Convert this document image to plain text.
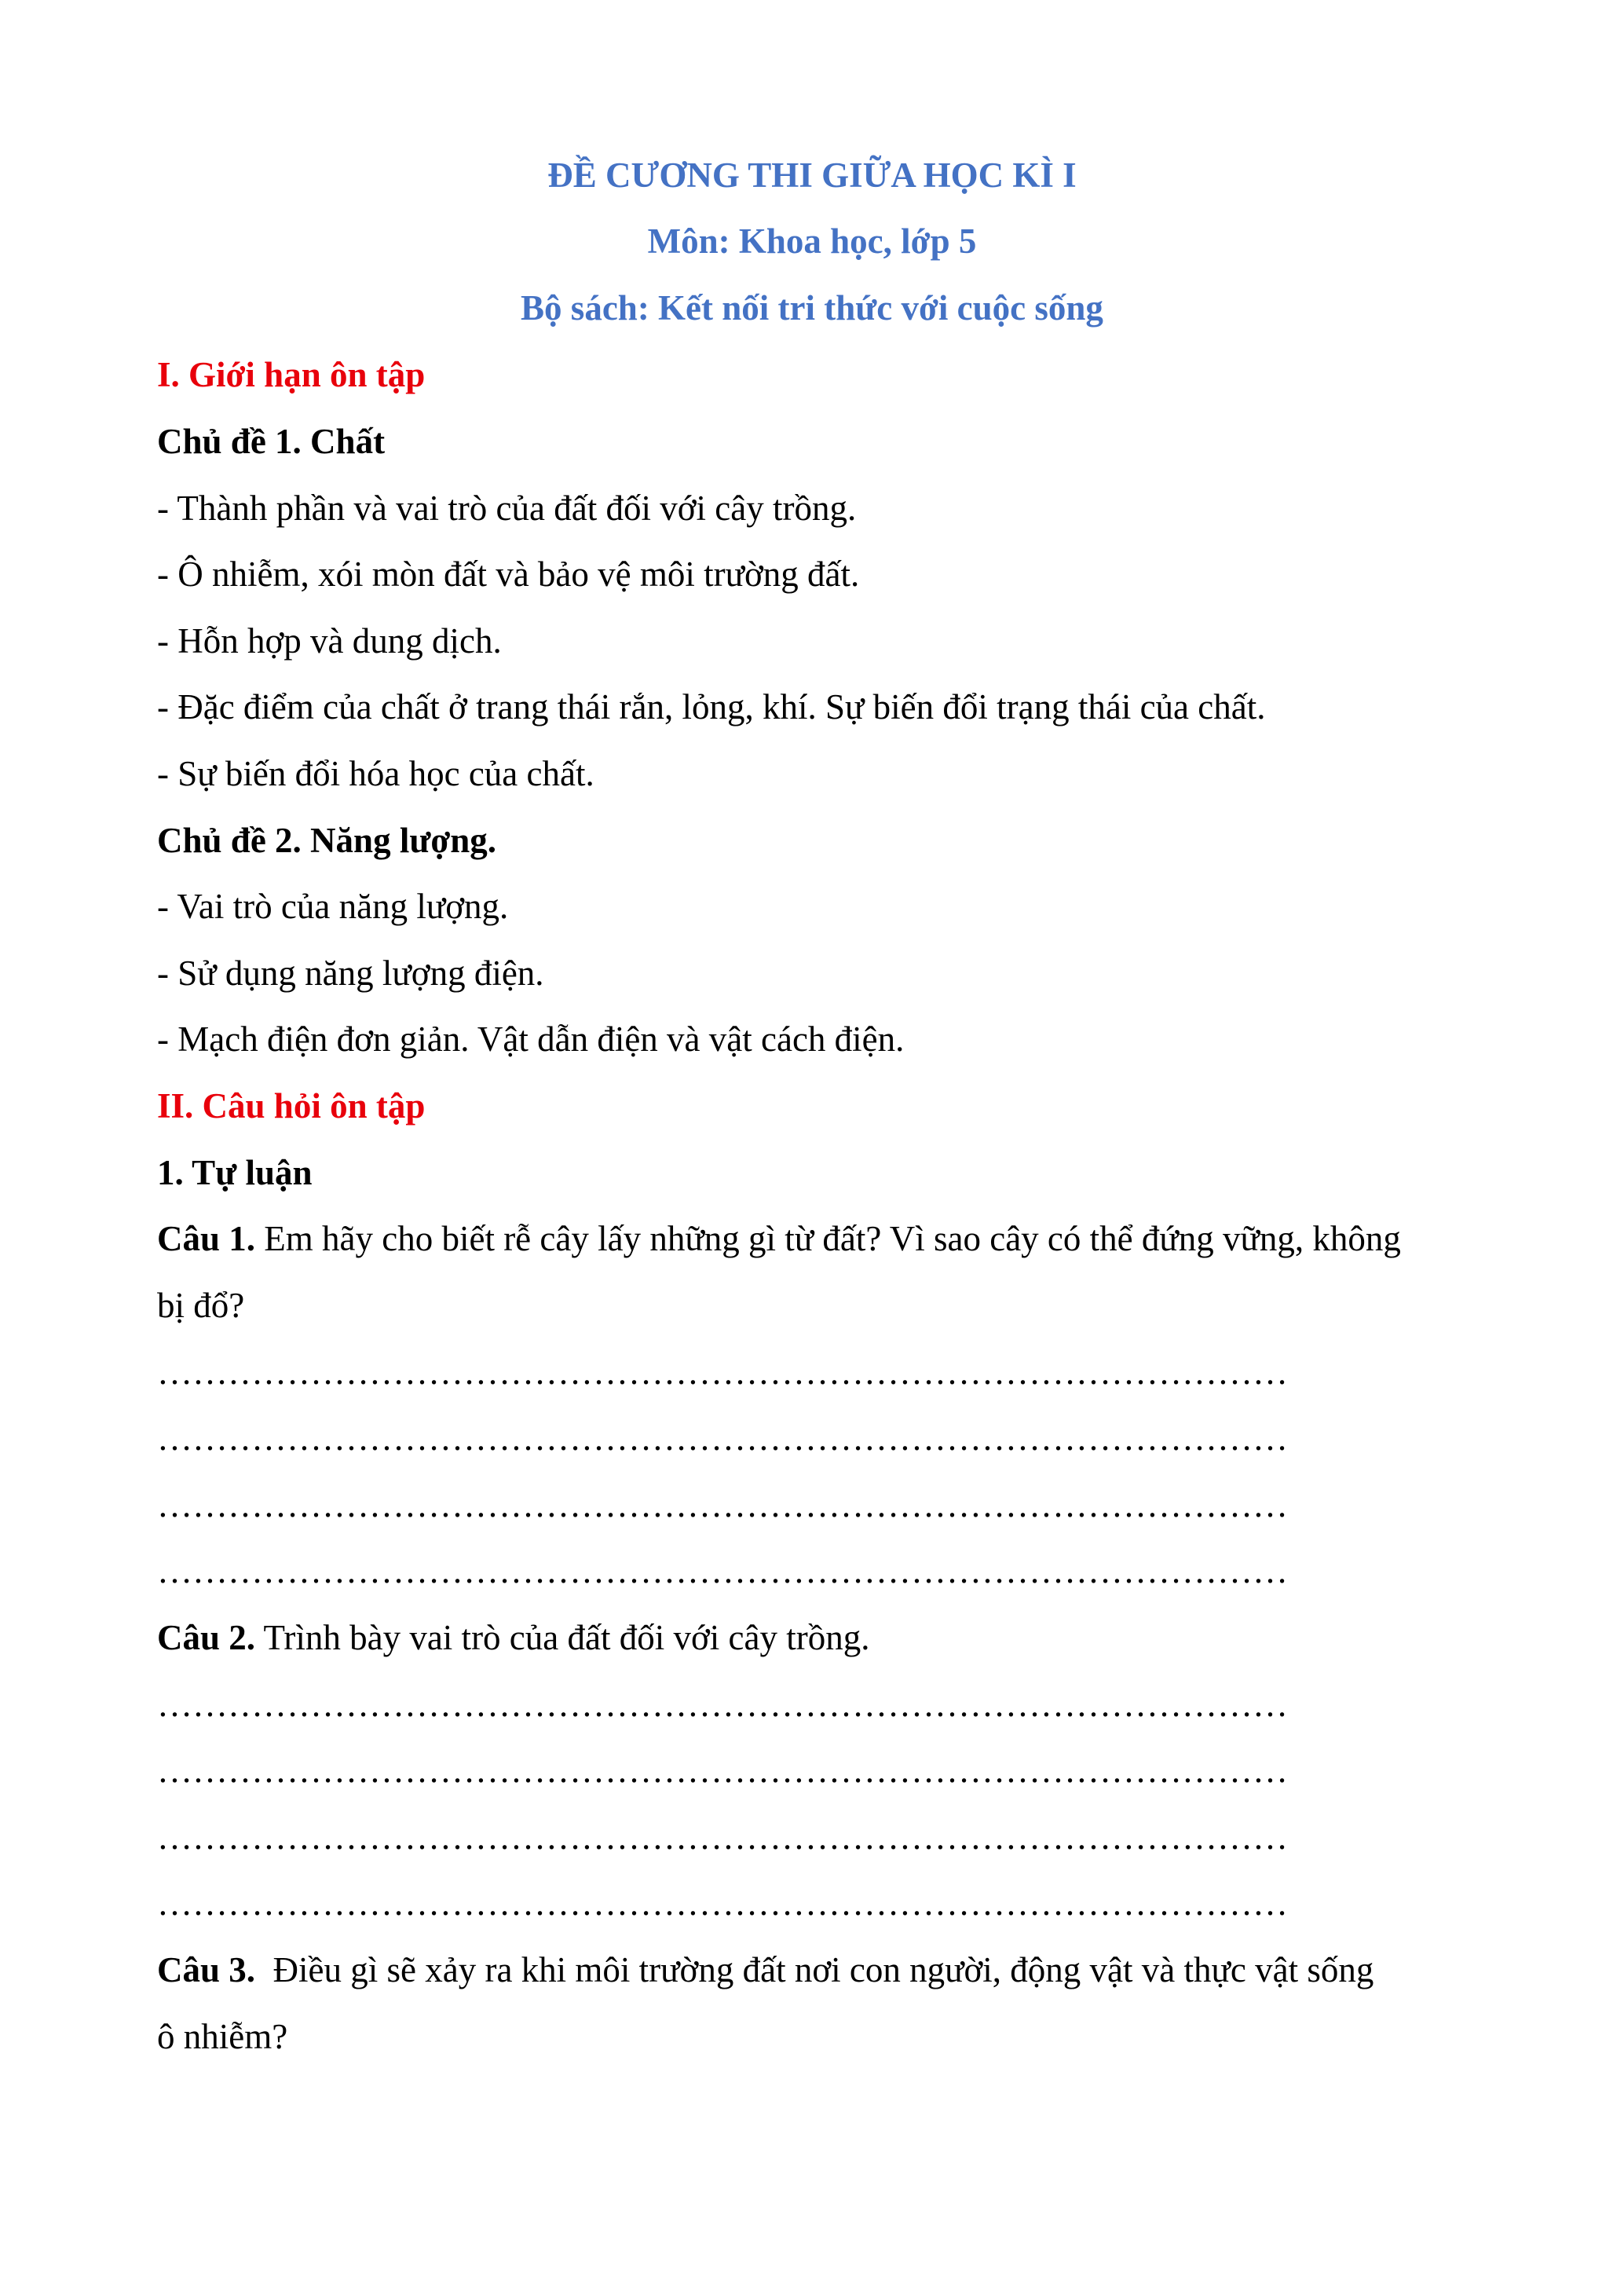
ĐỀ CƯƠNG THI GIỮA HỌC KÌ I
Môn: Khoa học, lớp 5
Bộ sách: Kết nối tri thức với cuộc sống
I. Giới hạn ôn tập
Chủ đề 1. Chất
- Thành phần và vai trò của đất đối với cây trồng.
- Ô nhiễm, xói mòn đất và bảo vệ môi trường đất.
- Hỗn hợp và dung dịch.
- Đặc điểm của chất ở trang thái rắn, lỏng, khí. Sự biến đổi trạng thái của chất.
- Sự biến đổi hóa học của chất.
Chủ đề 2. Năng lượng.
- Vai trò của năng lượng.
- Sử dụng năng lượng điện.
- Mạch điện đơn giản. Vật dẫn điện và vật cách điện.
II. Câu hỏi ôn tập
1. Tự luận
Câu 1. Em hãy cho biết rễ cây lấy những gì từ đất? Vì sao cây có thể đứng vững, không
bị đổ?
……………………………………………………………………………………
……………………………………………………………………………………
……………………………………………………………………………………
……………………………………………………………………………………
Câu 2. Trình bày vai trò của đất đối với cây trồng.
……………………………………………………………………………………
……………………………………………………………………………………
……………………………………………………………………………………
……………………………………………………………………………………
Câu 3.  Điều gì sẽ xảy ra khi môi trường đất nơi con người, động vật và thực vật sống
ô nhiễm?
